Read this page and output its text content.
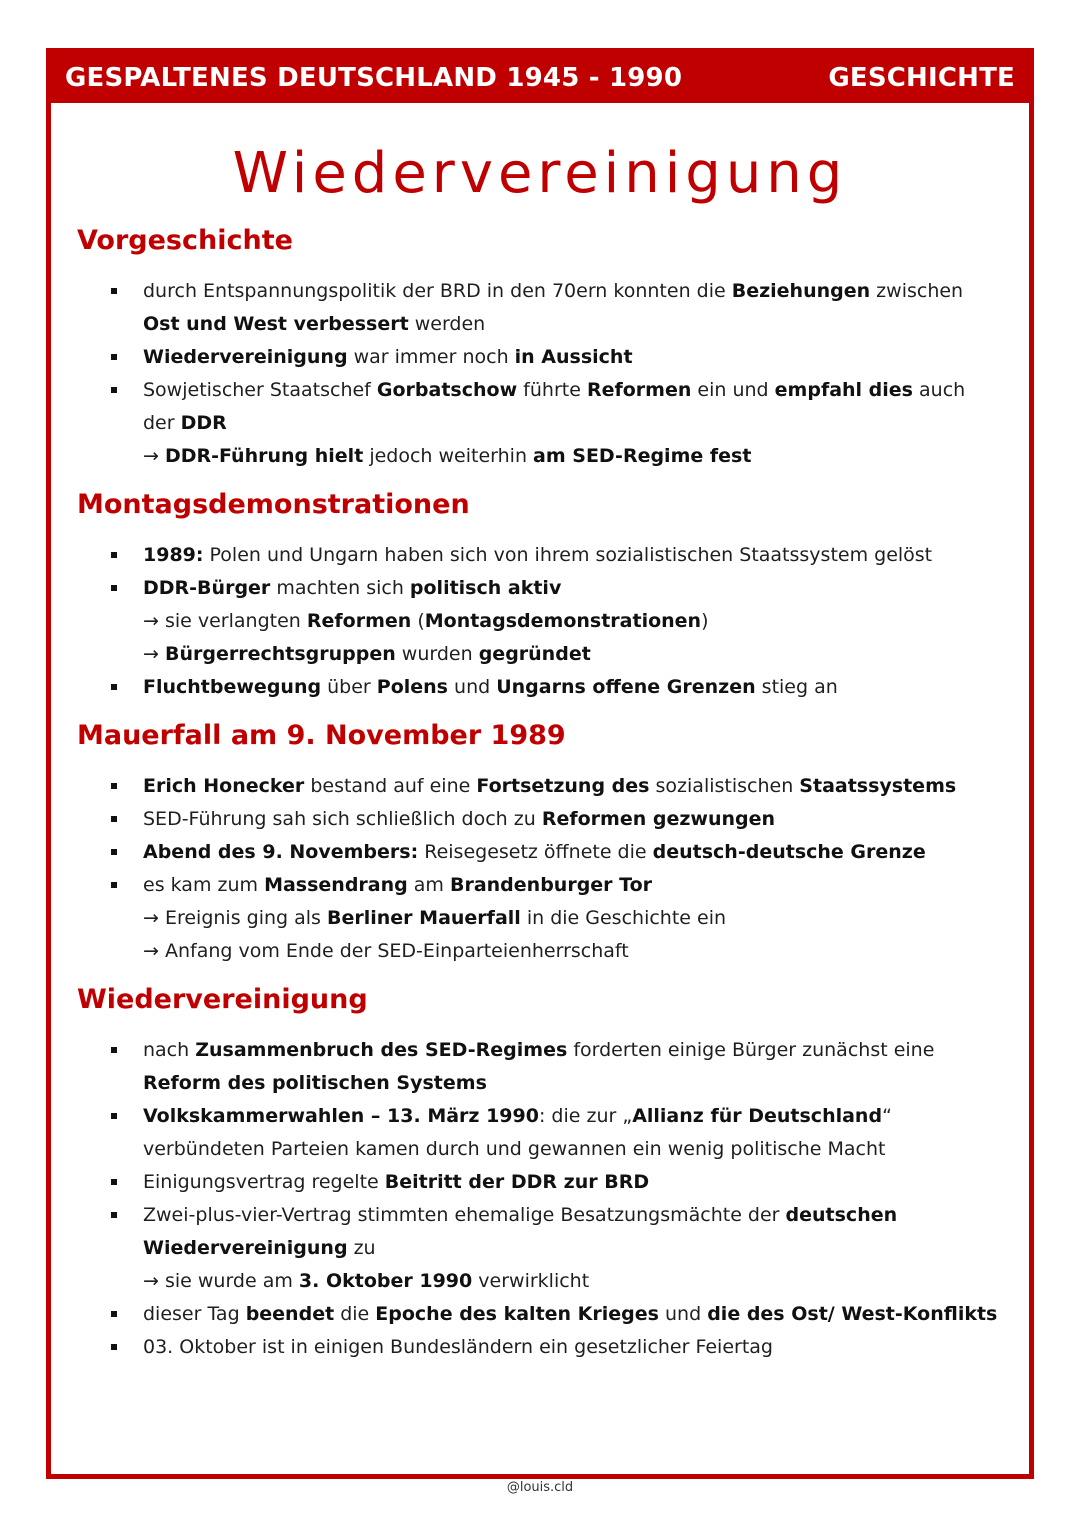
GESPALTENES DEUTSCHLAND 1945 - 1990	GESCHICHTE
Wiedervereinigung
Vorgeschichte
durch Entspannungspolitik der BRD in den 70ern konnten die Beziehungen zwischen Ost und West verbessert werden
Wiedervereinigung war immer noch in Aussicht
Sowjetischer Staatschef Gorbatschow führte Reformen ein und empfahl dies auch der DDR
→ DDR-Führung hielt jedoch weiterhin am SED-Regime fest
Montagsdemonstrationen
1989: Polen und Ungarn haben sich von ihrem sozialistischen Staatssystem gelöst
DDR-Bürger machten sich politisch aktiv
→ sie verlangten Reformen (Montagsdemonstrationen)
→ Bürgerrechtsgruppen wurden gegründet
Fluchtbewegung über Polens und Ungarns offene Grenzen stieg an
Mauerfall am 9. November 1989
Erich Honecker bestand auf eine Fortsetzung des sozialistischen Staatssystems
SED-Führung sah sich schließlich doch zu Reformen gezwungen
Abend des 9. Novembers: Reisegesetz öffnete die deutsch-deutsche Grenze
es kam zum Massendrang am Brandenburger Tor
→ Ereignis ging als Berliner Mauerfall in die Geschichte ein
→ Anfang vom Ende der SED-Einparteienherrschaft
Wiedervereinigung
nach Zusammenbruch des SED-Regimes forderten einige Bürger zunächst eine Reform des politischen Systems
Volkskammerwahlen – 13. März 1990: die zur „Allianz für Deutschland“ verbündeten Parteien kamen durch und gewannen ein wenig politische Macht
Einigungsvertrag regelte Beitritt der DDR zur BRD
Zwei-plus-vier-Vertrag stimmten ehemalige Besatzungsmächte der deutschen Wiedervereinigung zu
→ sie wurde am 3. Oktober 1990 verwirklicht
dieser Tag beendet die Epoche des kalten Krieges und die des Ost/ West-Konflikts
03. Oktober ist in einigen Bundesländern ein gesetzlicher Feiertag
@louis.cld
